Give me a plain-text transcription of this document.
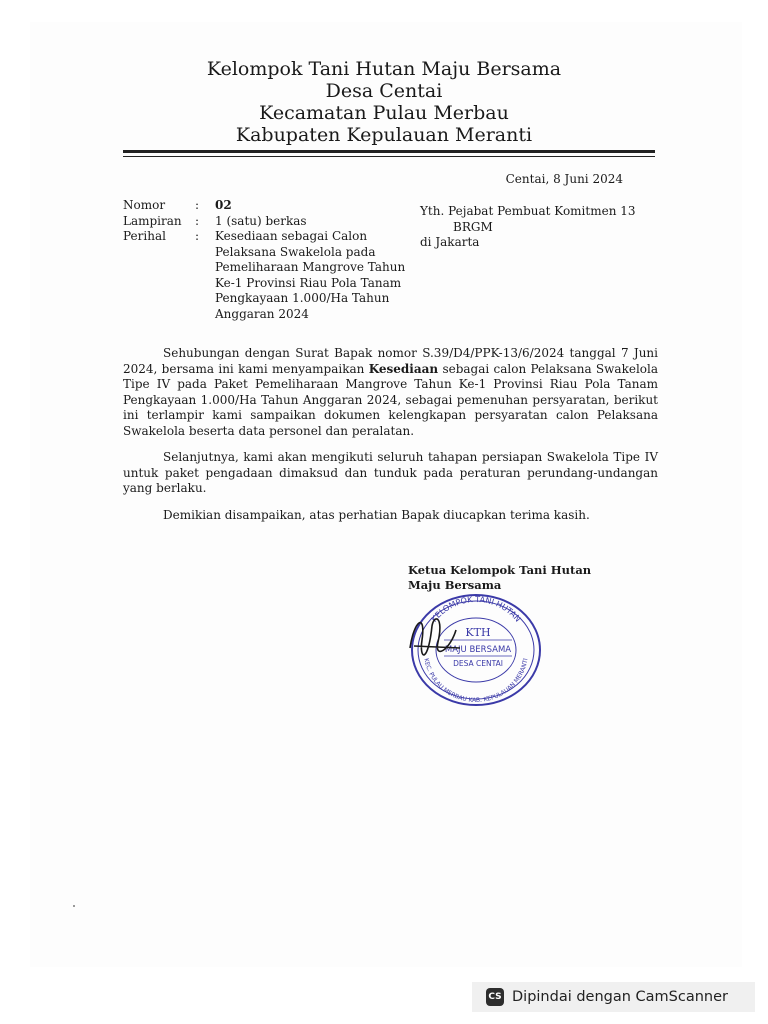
Kelompok Tani Hutan Maju Bersama
Desa Centai
Kecamatan Pulau Merbau
Kabupaten Kepulauan Meranti
Centai, 8 Juni 2024
Nomor	:	02
Lampiran	:	1 (satu) berkas
Perihal	:	Kesediaan sebagai Calon Pelaksana Swakelola pada Pemeliharaan Mangrove Tahun Ke-1 Provinsi Riau Pola Tanam Pengkayaan 1.000/Ha Tahun Anggaran 2024
Yth. Pejabat Pembuat Komitmen 13
BRGM
di Jakarta

Sehubungan dengan Surat Bapak nomor S.39/D4/PPK-13/6/2024 tanggal 7 Juni 2024, bersama ini kami menyampaikan Kesediaan sebagai calon Pelaksana Swakelola Tipe IV pada Paket Pemeliharaan Mangrove Tahun Ke-1 Provinsi Riau Pola Tanam Pengkayaan 1.000/Ha Tahun Anggaran 2024, sebagai pemenuhan persyaratan, berikut ini terlampir kami sampaikan dokumen kelengkapan persyaratan calon Pelaksana Swakelola beserta data personel dan peralatan.

Selanjutnya, kami akan mengikuti seluruh tahapan persiapan Swakelola Tipe IV untuk paket pengadaan dimaksud dan tunduk pada peraturan perundang-undangan yang berlaku.

Demikian disampaikan, atas perhatian Bapak diucapkan terima kasih.

Ketua Kelompok Tani Hutan
Maju Bersama
KELOMPOK TANI HUTAN
KEC. PULAU MERBAU KAB. KEPULAUAN MERANTI
KTH
MAJU BERSAMA
DESA CENTAI
CS Dipindai dengan CamScanner
